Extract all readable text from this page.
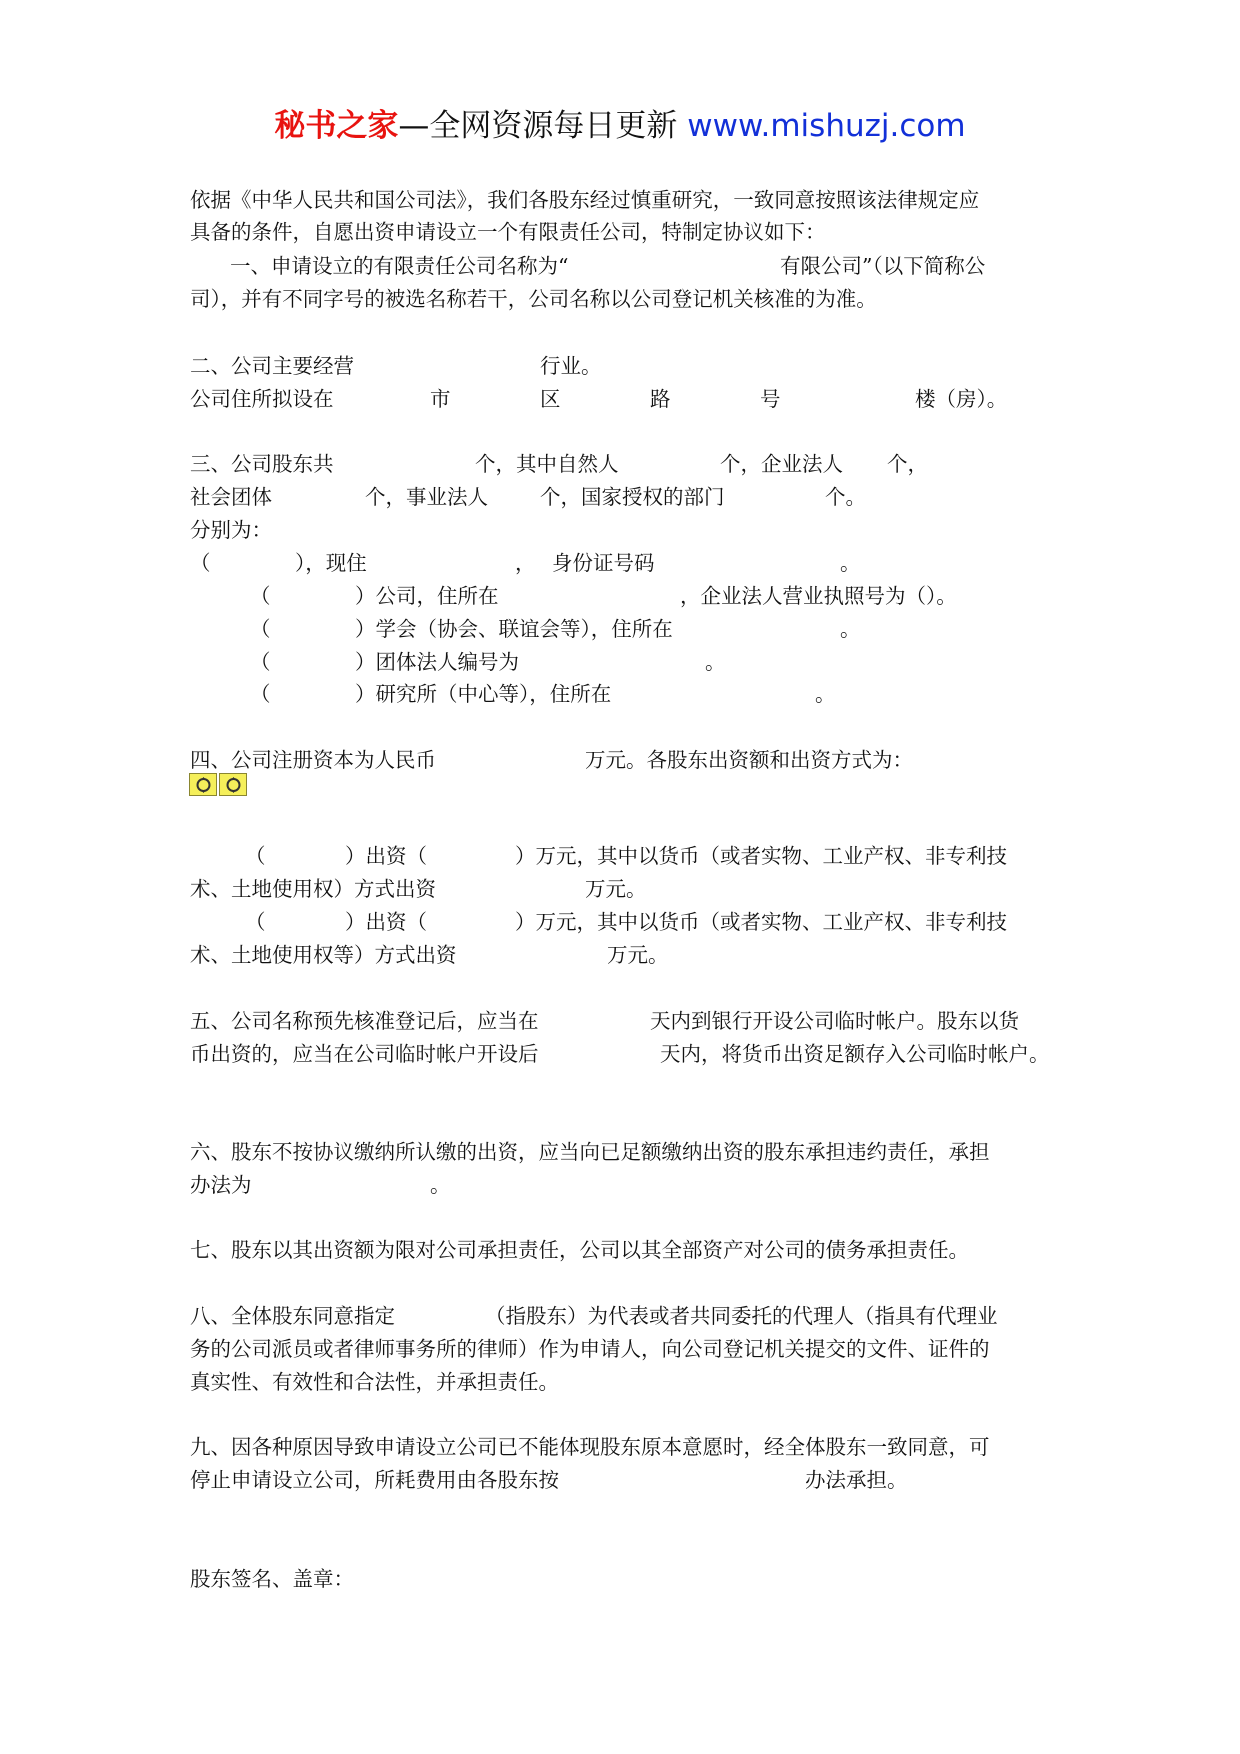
秘书之家—全网资源每日更新 www.mishuzj.com
依据《中华人民共和国公司法》，我们各股东经过慎重研究，一致同意按照该法律规定应
具备的条件，自愿出资申请设立一个有限责任公司，特制定协议如下：
一、申请设立的有限责任公司名称为“	有限公司”（以下简称公
司），并有不同字号的被选名称若干，公司名称以公司登记机关核准的为准。
二、公司主要经营	行业。
公司住所拟设在	市	区	路	号	楼（房）。
三、公司股东共	个，其中自然人	个，企业法人 个，
社会团体	个，事业法人	个，国家授权的部门	个。
分别为：
（	），现住	， 身份证号码	。
（	）公司，住所在	，企业法人营业执照号为（）。
（	）学会（协会、联谊会等），住所在	。
（	）团体法人编号为	。
（	）研究所（中心等），住所在	。
四、公司注册资本为人民币	万元。各股东出资额和出资方式为：
（	）出资（	）万元，其中以货币（或者实物、工业产权、非专利技
术、土地使用权）方式出资	万元。
（	）出资（	）万元，其中以货币（或者实物、工业产权、非专利技
术、土地使用权等）方式出资	万元。
五、公司名称预先核准登记后，应当在	天内到银行开设公司临时帐户。股东以货
币出资的，应当在公司临时帐户开设后	天内，将货币出资足额存入公司临时帐户。
六、股东不按协议缴纳所认缴的出资，应当向已足额缴纳出资的股东承担违约责任，承担
办法为	。
七、股东以其出资额为限对公司承担责任，公司以其全部资产对公司的债务承担责任。
八、全体股东同意指定	（指股东）为代表或者共同委托的代理人（指具有代理业
务的公司派员或者律师事务所的律师）作为申请人，向公司登记机关提交的文件、证件的
真实性、有效性和合法性，并承担责任。
九、因各种原因导致申请设立公司已不能体现股东原本意愿时，经全体股东一致同意，可
停止申请设立公司，所耗费用由各股东按	办法承担。
股东签名、盖章：
